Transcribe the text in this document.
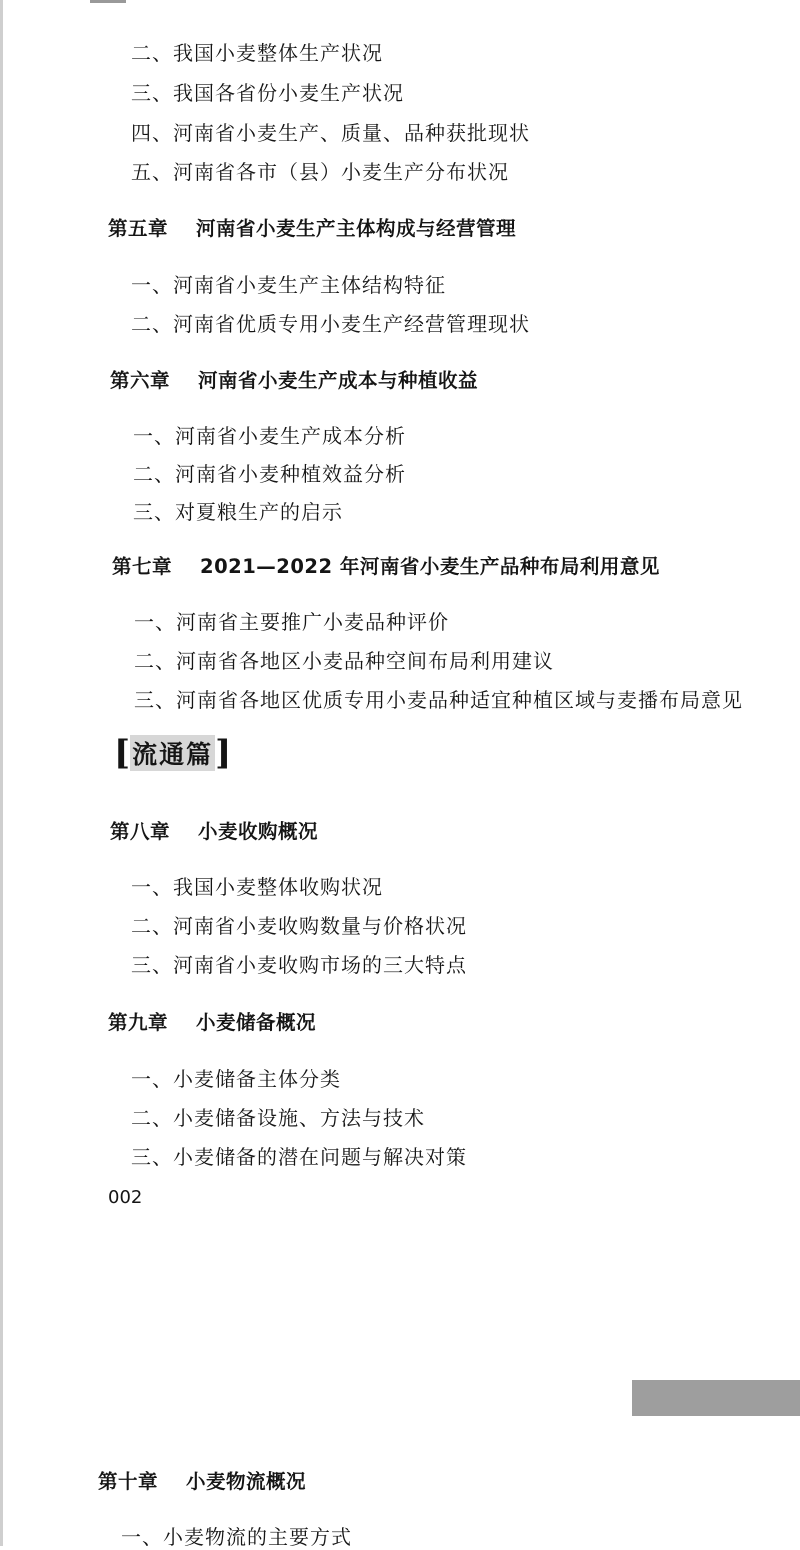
二、我国小麦整体生产状况

三、我国各省份小麦生产状况

四、河南省小麦生产、质量、品种获批现状

五、河南省各市（县）小麦生产分布状况

第五章 河南省小麦生产主体构成与经营管理

一、河南省小麦生产主体结构特征

二、河南省优质专用小麦生产经营管理现状

第六章 河南省小麦生产成本与种植收益

一、河南省小麦生产成本分析

二、河南省小麦种植效益分析

三、对夏粮生产的启示

第七章 2021—2022 年河南省小麦生产品种布局利用意见

一、河南省主要推广小麦品种评价

二、河南省各地区小麦品种空间布局利用建议

三、河南省各地区优质专用小麦品种适宜种植区域与麦播布局意见

[ 流通篇 ]

第八章 小麦收购概况

一、我国小麦整体收购状况

二、河南省小麦收购数量与价格状况

三、河南省小麦收购市场的三大特点

第九章 小麦储备概况

一、小麦储备主体分类

二、小麦储备设施、方法与技术

三、小麦储备的潜在问题与解决对策

002

第十章 小麦物流概况

一、小麦物流的主要方式
